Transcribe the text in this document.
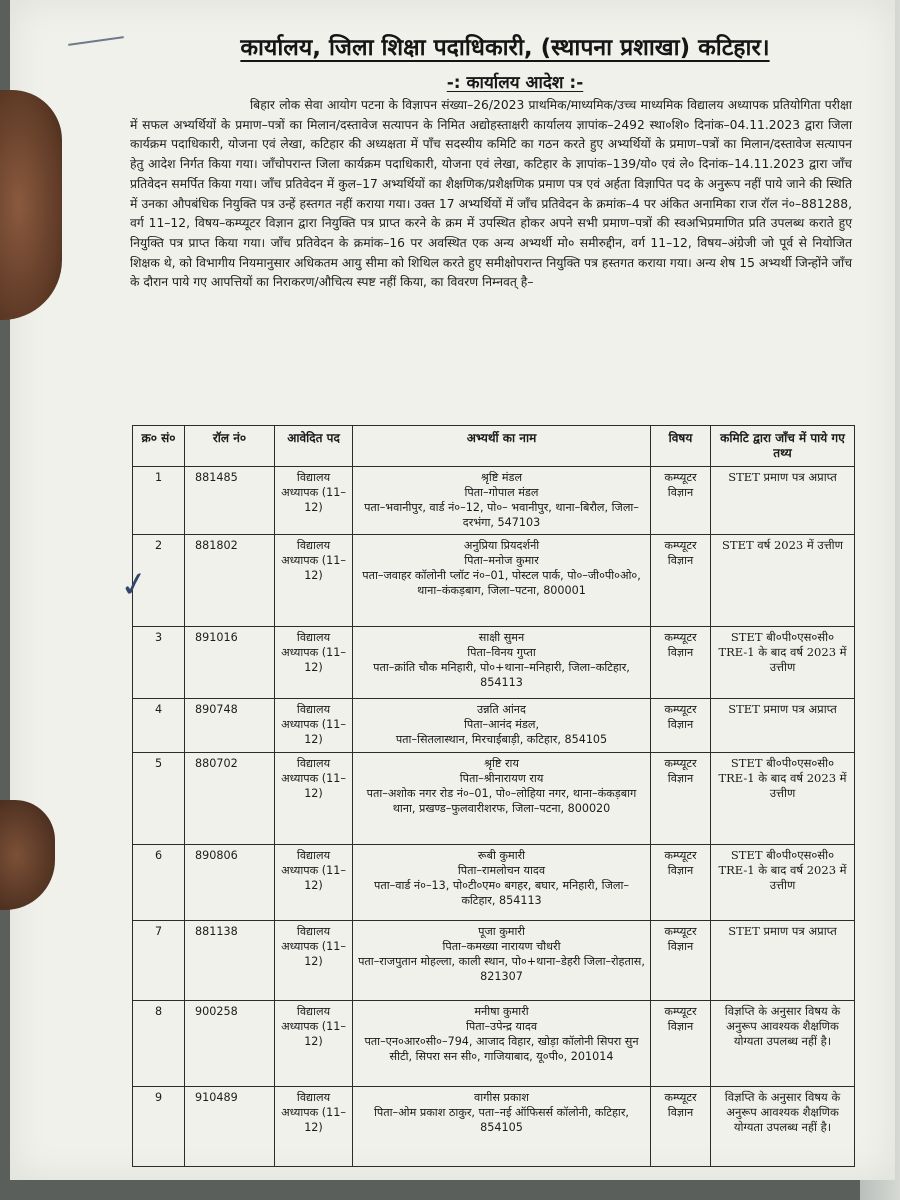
कार्यालय, जिला शिक्षा पदाधिकारी, (स्थापना प्रशाखा) कटिहार।
-: कार्यालय आदेश :-
बिहार लोक सेवा आयोग पटना के विज्ञापन संख्या–26/2023 प्राथमिक/माध्यमिक/उच्च माध्यमिक विद्यालय अध्यापक प्रतियोगिता परीक्षा में सफल अभ्यर्थियों के प्रमाण–पत्रों का मिलान/दस्तावेज सत्यापन के निमित अद्योहस्ताक्षरी कार्यालय ज्ञापांक–2492 स्था०शि० दिनांक–04.11.2023 द्वारा जिला कार्यक्रम पदाधिकारी, योजना एवं लेखा, कटिहार की अध्यक्षता में पाँच सदस्यीय कमिटि का गठन करते हुए अभ्यर्थियों के प्रमाण–पत्रों का मिलान/दस्तावेज सत्यापन हेतु आदेश निर्गत किया गया। जाँचोपरान्त जिला कार्यक्रम पदाधिकारी, योजना एवं लेखा, कटिहार के ज्ञापांक–139/यो० एवं ले० दिनांक–14.11.2023 द्वारा जाँच प्रतिवेदन समर्पित किया गया। जाँच प्रतिवेदन में कुल–17 अभ्यर्थियों का शैक्षणिक/प्रशैक्षणिक प्रमाण पत्र एवं अर्हता विज्ञापित पद के अनुरूप नहीं पाये जाने की स्थिति में उनका औपबंधिक नियुक्ति पत्र उन्हें हस्तगत नहीं कराया गया। उक्त 17 अभ्यर्थियों में जाँच प्रतिवेदन के क्रमांक–4 पर अंकित अनामिका राज रॉल नं०–881288, वर्ग 11–12, विषय–कम्प्यूटर विज्ञान द्वारा नियुक्ति पत्र प्राप्त करने के क्रम में उपस्थित होकर अपने सभी प्रमाण–पत्रों की स्वअभिप्रमाणित प्रति उपलब्ध कराते हुए नियुक्ति पत्र प्राप्त किया गया। जाँच प्रतिवेदन के क्रमांक–16 पर अवस्थित एक अन्य अभ्यर्थी मो० समीरुद्दीन, वर्ग 11–12, विषय–अंग्रेजी जो पूर्व से नियोजित शिक्षक थे, को विभागीय नियमानुसार अधिकतम आयु सीमा को शिथिल करते हुए समीक्षोपरान्त नियुक्ति पत्र हस्तगत कराया गया। अन्य शेष 15 अभ्यर्थी जिन्होंने जाँच के दौरान पाये गए आपत्तियों का निराकरण/औचित्य स्पष्ट नहीं किया, का विवरण निम्नवत् है–
क्र० सं०	रॉल नं०	आवेदित पद	अभ्यर्थी का नाम	विषय	कमिटि द्वारा जाँच में पाये गए तथ्य
1	881485	विद्यालय अध्यापक (11–12)	श्रृष्टि मंडल
पिता–गोपाल मंडल
पता–भवानीपुर, वार्ड नं०–12, पो०– भवानीपुर, थाना–बिरौल, जिला–दरभंगा, 547103	कम्प्यूटर विज्ञान	STET प्रमाण पत्र अप्राप्त
2	881802	विद्यालय अध्यापक (11–12)	अनुप्रिया प्रियदर्शनी
पिता–मनोज कुमार
पता–जवाहर कॉलोनी प्लॉट नं०–01, पोस्टल पार्क, पो०–जी०पी०ओ०, थाना–कंकड़बाग, जिला–पटना, 800001	कम्प्यूटर विज्ञान	STET वर्ष 2023 में उत्तीण
3	891016	विद्यालय अध्यापक (11–12)	साक्षी सुमन
पिता–विनय गुप्ता
पता–क्रांति चौक मनिहारी, पो०+थाना–मनिहारी, जिला–कटिहार, 854113	कम्प्यूटर विज्ञान	STET बी०पी०एस०सी० TRE-1 के बाद वर्ष 2023 में उत्तीण
4	890748	विद्यालय अध्यापक (11–12)	उन्नति आंनद
पिता–आनंद मंडल,
पता–सितलास्थान, मिरचाईबाड़ी, कटिहार, 854105	कम्प्यूटर विज्ञान	STET प्रमाण पत्र अप्राप्त
5	880702	विद्यालय अध्यापक (11–12)	श्रृष्टि राय
पिता–श्रीनारायण राय
पता–अशोक नगर रोड नं०–01, पो०–लोहिया नगर, थाना–कंकड़बाग थाना, प्रखण्ड–फुलवारीशरफ, जिला–पटना, 800020	कम्प्यूटर विज्ञान	STET बी०पी०एस०सी० TRE-1 के बाद वर्ष 2023 में उत्तीण
6	890806	विद्यालय अध्यापक (11–12)	रूबी कुमारी
पिता–रामलोचन यादव
पता–वार्ड नं०–13, पो०टी०एम० बगहर, बघार, मनिहारी, जिला–कटिहार, 854113	कम्प्यूटर विज्ञान	STET बी०पी०एस०सी० TRE-1 के बाद वर्ष 2023 में उत्तीण
7	881138	विद्यालय अध्यापक (11–12)	पूजा कुमारी
पिता–कमख्या नारायण चौधरी
पता–राजपुतान मोहल्ला, काली स्थान, पो०+थाना–डेहरी जिला–रोहतास, 821307	कम्प्यूटर विज्ञान	STET प्रमाण पत्र अप्राप्त
8	900258	विद्यालय अध्यापक (11–12)	मनीषा कुमारी
पिता–उपेन्द्र यादव
पता–एन०आर०सी०–794, आजाद विहार, खोड़ा कॉलोनी सिपरा सुन सीटी, सिपरा सन सी०, गाजियाबाद, यू०पी०, 201014	कम्प्यूटर विज्ञान	विज्ञप्ति के अनुसार विषय के अनुरूप आवश्यक शैक्षणिक योग्यता उपलब्ध नहीं है।
9	910489	विद्यालय अध्यापक (11–12)	वागीस प्रकाश
पिता–ओम प्रकाश ठाकुर, पता–नई ऑफिसर्स कॉलोनी, कटिहार, 854105	कम्प्यूटर विज्ञान	विज्ञप्ति के अनुसार विषय के अनुरूप आवश्यक शैक्षणिक योग्यता उपलब्ध नहीं है।
✓
